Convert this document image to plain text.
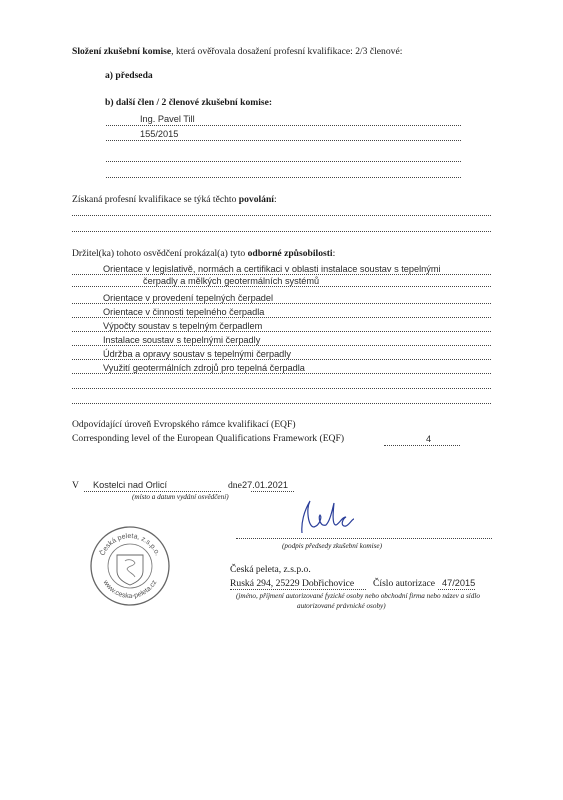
Složení zkušební komise, která ověřovala dosažení profesní kvalifikace: 2/3 členové:
a) předseda
b) další člen / 2 členové zkušební komise:
Ing. Pavel Till
155/2015
Získaná profesní kvalifikace se týká těchto povolání:
Držitel(ka) tohoto osvědčení prokázal(a) tyto odborné způsobilosti:
Orientace v legislativě, normách a certifikaci v oblasti instalace soustav s tepelnými
čerpadly a mělkých geotermálních systémů
Orientace v provedení tepelných čerpadel
Orientace v činnosti tepelného čerpadla
Výpočty soustav s tepelným čerpadlem
Instalace soustav s tepelnými čerpadly
Údržba a opravy soustav s tepelnými čerpadly
Využití geotermálních zdrojů pro tepelná čerpadla
Odpovídající úroveň Evropského rámce kvalifikací (EQF)
Corresponding level of the European Qualifications Framework (EQF)	4
V Kostelci nad Orlicí	dne 27.01.2021
(místo a datum vydání osvědčení)
(podpis předsedy zkušební komise)
Česká peleta, z.s.p.o.
www.ceska-peleta.cz
Česká peleta, z.s.p.o.
Ruská 294, 25229 Dobřichovice Číslo autorizace 47/2015
(jméno, příjmení autorizované fyzické osoby nebo obchodní firma nebo název a sídlo
autorizované právnické osoby)
